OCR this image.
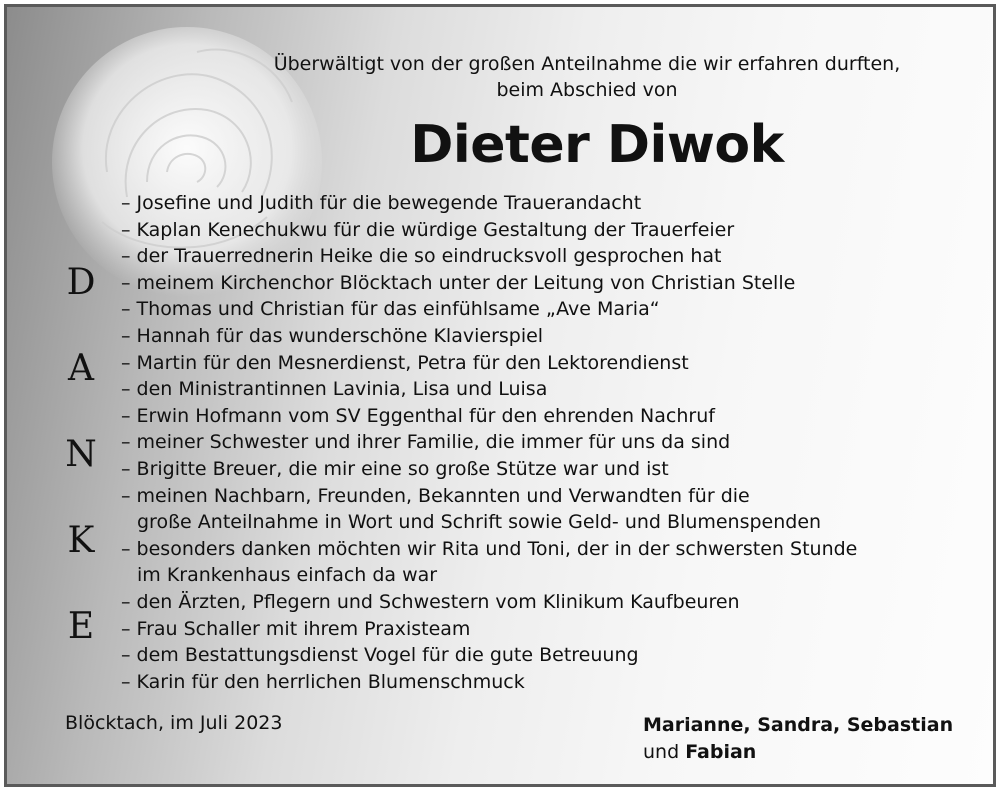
Überwältigt von der großen Anteilnahme die wir erfahren durften,
beim Abschied von
Dieter Diwok
D
A
N
K
E
– Josefine und Judith für die bewegende Trauerandacht
– Kaplan Kenechukwu für die würdige Gestaltung der Trauerfeier
– der Trauerrednerin Heike die so eindrucksvoll gesprochen hat
– meinem Kirchenchor Blöcktach unter der Leitung von Christian Stelle
– Thomas und Christian für das einfühlsame „Ave Maria“
– Hannah für das wunderschöne Klavierspiel
– Martin für den Mesnerdienst, Petra für den Lektorendienst
– den Ministrantinnen Lavinia, Lisa und Luisa
– Erwin Hofmann vom SV Eggenthal für den ehrenden Nachruf
– meiner Schwester und ihrer Familie, die immer für uns da sind
– Brigitte Breuer, die mir eine so große Stütze war und ist
– meinen Nachbarn, Freunden, Bekannten und Verwandten für die
große Anteilnahme in Wort und Schrift sowie Geld- und Blumenspenden
– besonders danken möchten wir Rita und Toni, der in der schwersten Stunde
im Krankenhaus einfach da war
– den Ärzten, Pflegern und Schwestern vom Klinikum Kaufbeuren
– Frau Schaller mit ihrem Praxisteam
– dem Bestattungsdienst Vogel für die gute Betreuung
– Karin für den herrlichen Blumenschmuck
Blöcktach, im Juli 2023	Marianne, Sandra, Sebastian
und Fabian
